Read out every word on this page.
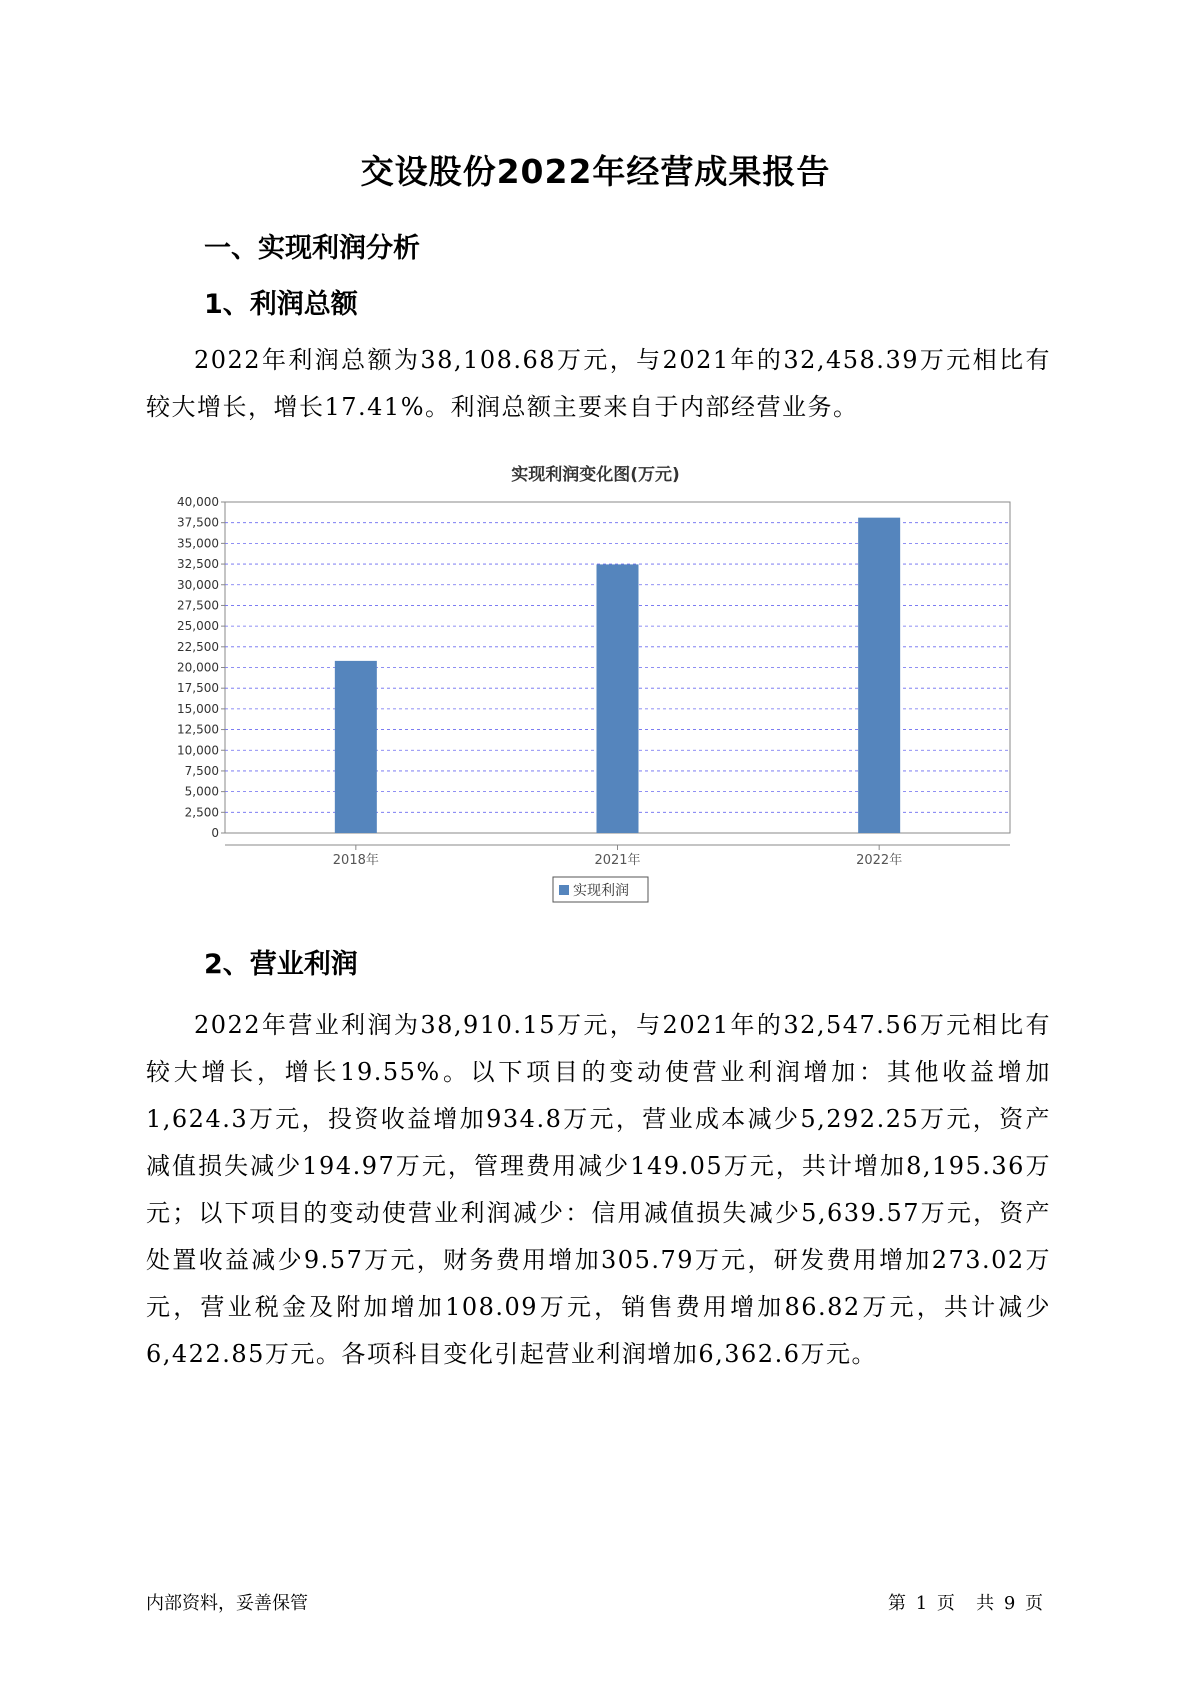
交设股份2022年经营成果报告
一、实现利润分析
1、利润总额

2022年利润总额为38,108.68万元，与2021年的32,458.39万元相比有较大增长，增长17.41%。利润总额主要来自于内部经营业务。

实现利润变化图(万元)
0
2,500
5,000
7,500
10,000
12,500
15,000
17,500
20,000
22,500
25,000
27,500
30,000
32,500
35,000
37,500
40,000
2018年	2021年	2022年
实现利润
2、营业利润

2022年营业利润为38,910.15万元，与2021年的32,547.56万元相比有较大增长，增长19.55%。以下项目的变动使营业利润增加：其他收益增加1,624.3万元，投资收益增加934.8万元，营业成本减少5,292.25万元，资产减值损失减少194.97万元，管理费用减少149.05万元，共计增加8,195.36万元；以下项目的变动使营业利润减少：信用减值损失减少5,639.57万元，资产处置收益减少9.57万元，财务费用增加305.79万元，研发费用增加273.02万元，营业税金及附加增加108.09万元，销售费用增加86.82万元，共计减少6,422.85万元。各项科目变化引起营业利润增加6,362.6万元。

内部资料，妥善保管	第 1 页 共 9 页
